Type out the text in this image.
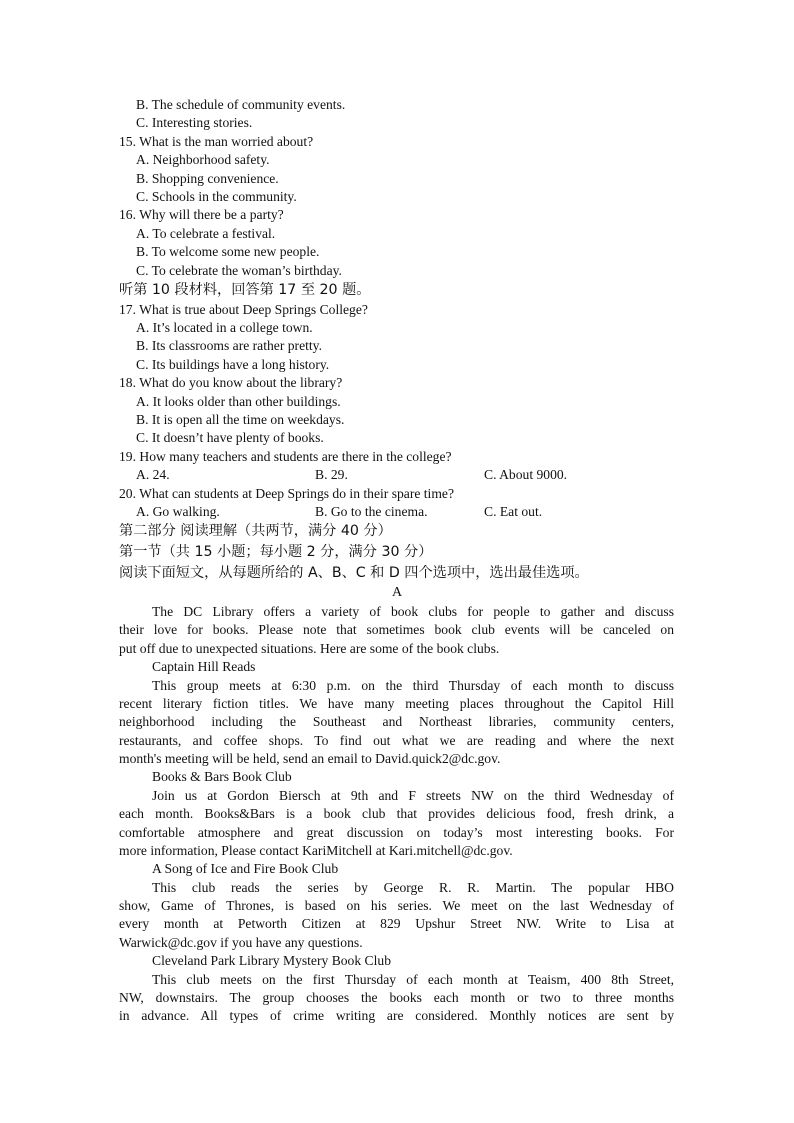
B. The schedule of community events.
C. Interesting stories.
15. What is the man worried about?
A. Neighborhood safety.
B. Shopping convenience.
C. Schools in the community.
16. Why will there be a party?
A. To celebrate a festival.
B. To welcome some new people.
C. To celebrate the woman’s birthday.
听第 10 段材料，回答第 17 至 20 题。
17. What is true about Deep Springs College?
A. It’s located in a college town.
B. Its classrooms are rather pretty.
C. Its buildings have a long history.
18. What do you know about the library?
A. It looks older than other buildings.
B. It is open all the time on weekdays.
C. It doesn’t have plenty of books.
19. How many teachers and students are there in the college?
A. 24.	B. 29.	C. About 9000.
20. What can students at Deep Springs do in their spare time?
A. Go walking.	B. Go to the cinema.	C. Eat out.
第二部分 阅读理解（共两节，满分 40 分）
第一节（共 15 小题；每小题 2 分，满分 30 分）
阅读下面短文，从每题所给的 A、B、C 和 D 四个选项中，选出最佳选项。
A
The DC Library offers a variety of book clubs for people to gather and discuss
their love for books. Please note that sometimes book club events will be canceled on
put off due to unexpected situations. Here are some of the book clubs.
Captain Hill Reads
This group meets at 6:30 p.m. on the third Thursday of each month to discuss
recent literary fiction titles. We have many meeting places throughout the Capitol Hill
neighborhood including the Southeast and Northeast libraries, community centers,
restaurants, and coffee shops. To find out what we are reading and where the next
month's meeting will be held, send an email to David.quick2@dc.gov.
Books & Bars Book Club
Join us at Gordon Biersch at 9th and F streets NW on the third Wednesday of
each month. Books&Bars is a book club that provides delicious food, fresh drink, a
comfortable atmosphere and great discussion on today’s most interesting books. For
more information, Please contact KariMitchell at Kari.mitchell@dc.gov.
A Song of Ice and Fire Book Club
This club reads the series by George R. R. Martin. The popular HBO
show, Game of Thrones, is based on his series. We meet on the last Wednesday of
every month at Petworth Citizen at 829 Upshur Street NW. Write to Lisa at
Warwick@dc.gov if you have any questions.
Cleveland Park Library Mystery Book Club
This club meets on the first Thursday of each month at Teaism, 400 8th Street,
NW, downstairs. The group chooses the books each month or two to three months
in advance. All types of crime writing are considered. Monthly notices are sent by
